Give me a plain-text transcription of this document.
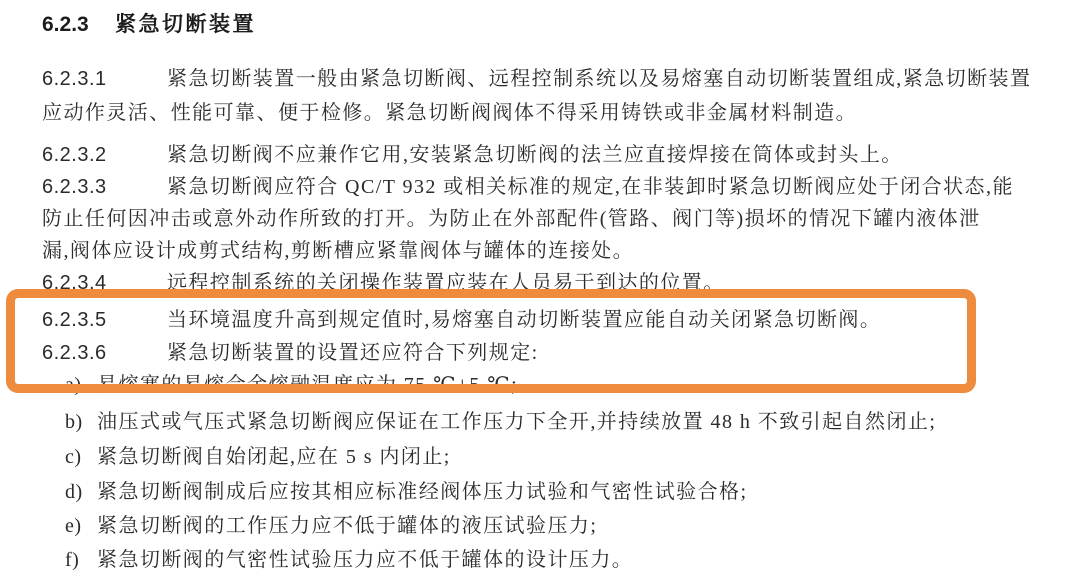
6.2.3 紧急切断装置
6.2.3.1	紧急切断装置一般由紧急切断阀、远程控制系统以及易熔塞自动切断装置组成,紧急切断装置
应动作灵活、性能可靠、便于检修。紧急切断阀阀体不得采用铸铁或非金属材料制造。
6.2.3.2	紧急切断阀不应兼作它用,安装紧急切断阀的法兰应直接焊接在筒体或封头上。
6.2.3.3	紧急切断阀应符合 QC/T 932 或相关标准的规定,在非装卸时紧急切断阀应处于闭合状态,能
防止任何因冲击或意外动作所致的打开。为防止在外部配件(管路、阀门等)损坏的情况下罐内液体泄
漏,阀体应设计成剪式结构,剪断槽应紧靠阀体与罐体的连接处。
6.2.3.4	远程控制系统的关闭操作装置应装在人员易于到达的位置。
6.2.3.5	当环境温度升高到规定值时,易熔塞自动切断装置应能自动关闭紧急切断阀。
6.2.3.6	紧急切断装置的设置还应符合下列规定:
a) 易熔塞的易熔合金熔融温度应为 75 ℃±5 ℃;
b) 油压式或气压式紧急切断阀应保证在工作压力下全开,并持续放置 48 h 不致引起自然闭止;
c) 紧急切断阀自始闭起,应在 5 s 内闭止;
d) 紧急切断阀制成后应按其相应标准经阀体压力试验和气密性试验合格;
e) 紧急切断阀的工作压力应不低于罐体的液压试验压力;
f) 紧急切断阀的气密性试验压力应不低于罐体的设计压力。
